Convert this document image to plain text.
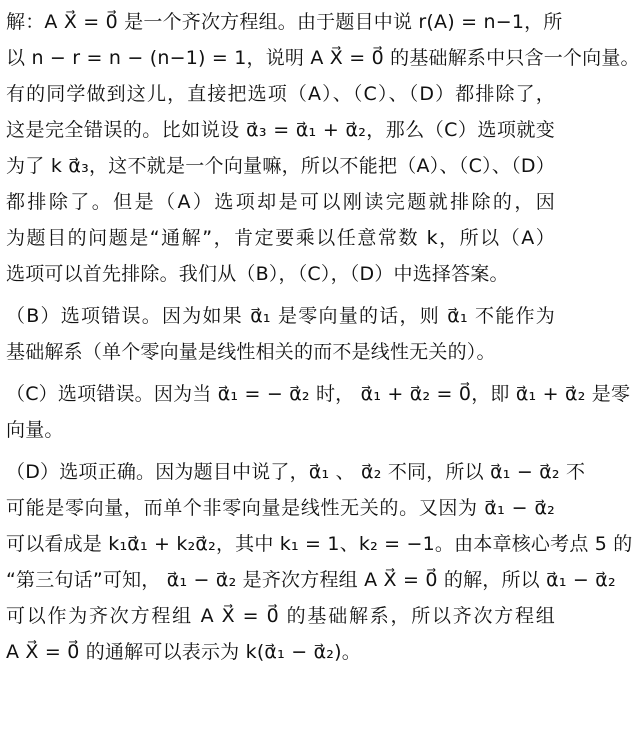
解：A X⃗ = 0⃗ 是一个齐次方程组。由于题目中说 r(A) = n−1，所
以 n − r = n − (n−1) = 1，说明 A X⃗ = 0⃗ 的基础解系中只含一个向量。
有的同学做到这儿，直接把选项（A）、（C）、（D）都排除了，
这是完全错误的。比如说设 α⃗₃ = α⃗₁ + α⃗₂，那么（C）选项就变
为了 k α⃗₃，这不就是一个向量嘛，所以不能把（A）、（C）、（D）
都排除了。但是（A）选项却是可以刚读完题就排除的，因
为题目的问题是“通解”，肯定要乘以任意常数 k，所以（A）
选项可以首先排除。我们从（B），（C），（D）中选择答案。
（B）选项错误。因为如果 α⃗₁ 是零向量的话，则 α⃗₁ 不能作为
基础解系（单个零向量是线性相关的而不是线性无关的）。
（C）选项错误。因为当 α⃗₁ = − α⃗₂ 时， α⃗₁ + α⃗₂ = 0⃗，即 α⃗₁ + α⃗₂ 是零
向量。
（D）选项正确。因为题目中说了，α⃗₁ 、 α⃗₂ 不同，所以 α⃗₁ − α⃗₂ 不
可能是零向量，而单个非零向量是线性无关的。又因为 α⃗₁ − α⃗₂
可以看成是 k₁α⃗₁ + k₂α⃗₂，其中 k₁ = 1、k₂ = −1。由本章核心考点 5 的
“第三句话”可知， α⃗₁ − α⃗₂ 是齐次方程组 A X⃗ = 0⃗ 的解，所以 α⃗₁ − α⃗₂
可以作为齐次方程组 A X⃗ = 0⃗ 的基础解系，所以齐次方程组
A X⃗ = 0⃗ 的通解可以表示为 k(α⃗₁ − α⃗₂)。
